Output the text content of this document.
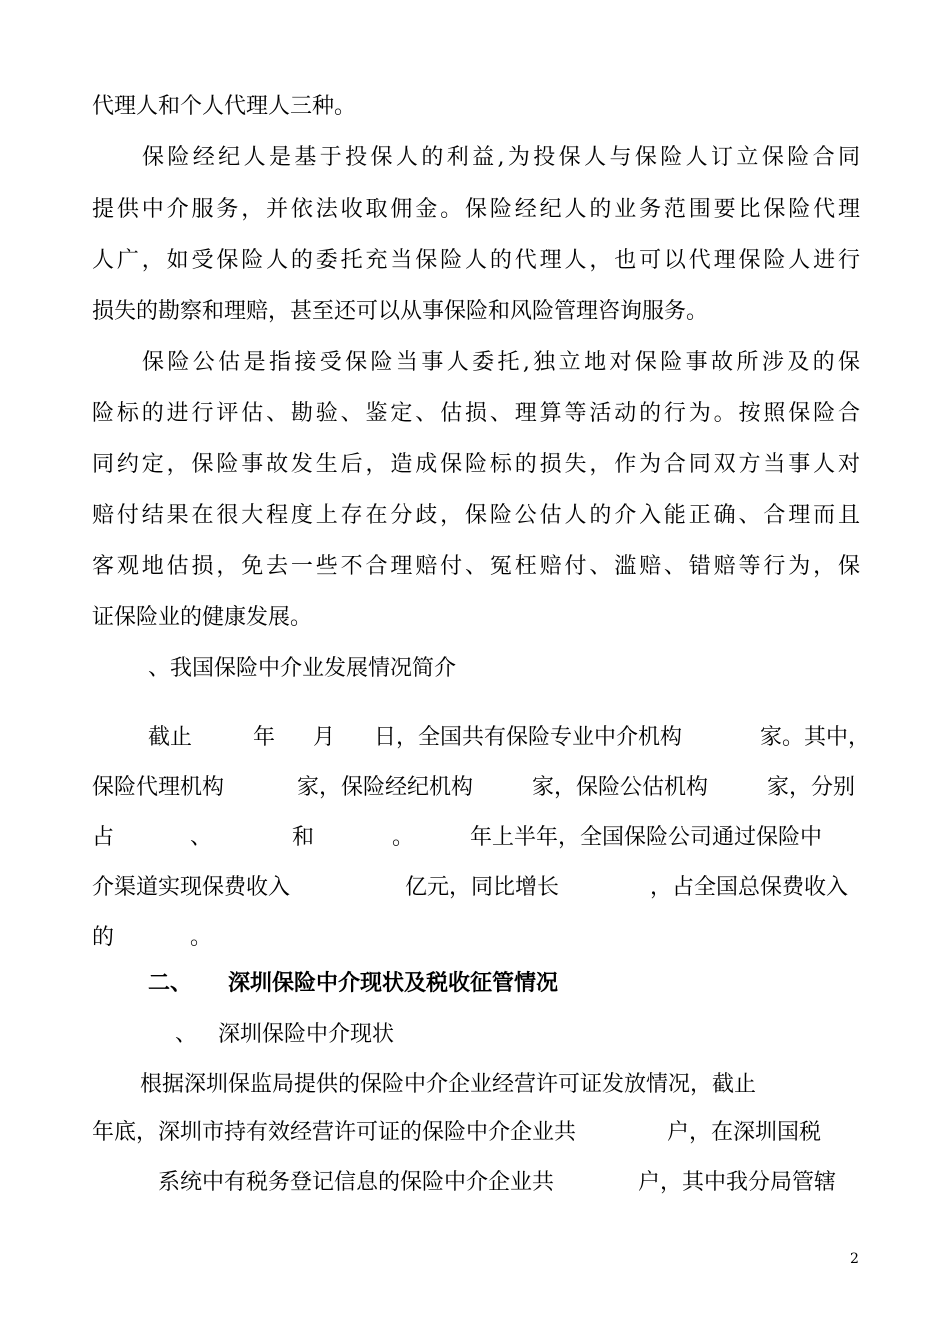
代理人和个人代理人三种。

保险经纪人是基于投保人的利益,为投保人与保险人订立保险合同

提供中介服务，并依法收取佣金。保险经纪人的业务范围要比保险代理

人广，如受保险人的委托充当保险人的代理人，也可以代理保险人进行

损失的勘察和理赔，甚至还可以从事保险和风险管理咨询服务。

保险公估是指接受保险当事人委托,独立地对保险事故所涉及的保

险标的进行评估、勘验、鉴定、估损、理算等活动的行为。按照保险合

同约定，保险事故发生后，造成保险标的损失，作为合同双方当事人对

赔付结果在很大程度上存在分歧，保险公估人的介入能正确、合理而且

客观地估损，免去一些不合理赔付、冤枉赔付、滥赔、错赔等行为，保

证保险业的健康发展。

、我国保险中介业发展情况简介

截止	年 月 日，全国共有保险专业中介机构	家。其中，
保险代理机构	家，保险经纪机构	家，保险公估机构	家，分别
占	、	和	。	年上半年，全国保险公司通过保险中
介渠道实现保费收入	亿元，同比增长	，占全国总保费收入
的	。
二、 深圳保险中介现状及税收征管情况
、 深圳保险中介现状

根据深圳保监局提供的保险中介企业经营许可证发放情况，截止

年底，深圳市持有效经营许可证的保险中介企业共	户，在深圳国税
系统中有税务登记信息的保险中介企业共	户，其中我分局管辖
2
